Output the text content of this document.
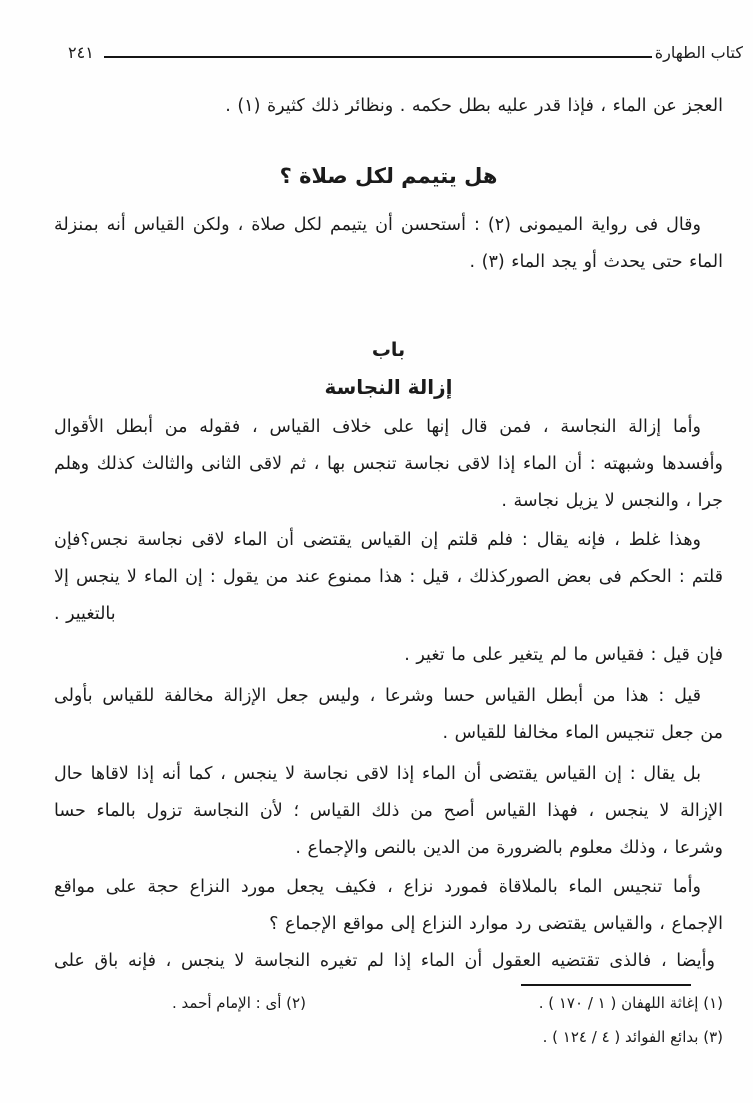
كتاب الطهارة
٢٤١

العجز عن الماء ، فإذا قدر عليه بطل حكمه . ونظائر ذلك كثيرة (١) .

هل يتيمم لكل صلاة ؟

وقال فى رواية الميمونى (٢) : أستحسن أن يتيمم لكل صلاة ، ولكن القياس أنه بمنزلة

الماء حتى يحدث أو يجد الماء (٣) .

باب
إزالة النجاسة

وأما إزالة النجاسة ، فمن قال إنها على خلاف القياس ، فقوله من أبطل الأقوال

وأفسدها وشبهته : أن الماء إذا لاقى نجاسة تنجس بها ، ثم لاقى الثانى والثالث كذلك وهلم

جرا ، والنجس لا يزيل نجاسة .

وهذا غلط ، فإنه يقال : فلم قلتم إن القياس يقتضى أن الماء لاقى نجاسة نجس؟فإن

قلتم : الحكم فى بعض الصوركذلك ، قيل : هذا ممنوع عند من يقول : إن الماء لا ينجس إلا

بالتغيير .

فإن قيل : فقياس ما لم يتغير على ما تغير .

قيل : هذا من أبطل القياس حسا وشرعا ، وليس جعل الإزالة مخالفة للقياس بأولى

من جعل تنجيس الماء مخالفا للقياس .

بل يقال : إن القياس يقتضى أن الماء إذا لاقى نجاسة لا ينجس ، كما أنه إذا لاقاها حال

الإزالة لا ينجس ، فهذا القياس أصح من ذلك القياس ؛ لأن النجاسة تزول بالماء حسا

وشرعا ، وذلك معلوم بالضرورة من الدين بالنص والإجماع .

وأما تنجيس الماء بالملاقاة فمورد نزاع ، فكيف يجعل مورد النزاع حجة على مواقع

الإجماع ، والقياس يقتضى رد موارد النزاع إلى مواقع الإجماع ؟

وأيضا ، فالذى تقتضيه العقول أن الماء إذا لم تغيره النجاسة لا ينجس ، فإنه باق على

(١) إغاثة اللهفان ( ١ / ١٧٠ ) .

(٢) أى : الإمام أحمد .

(٣) بدائع الفوائد ( ٤ / ١٢٤ ) .
